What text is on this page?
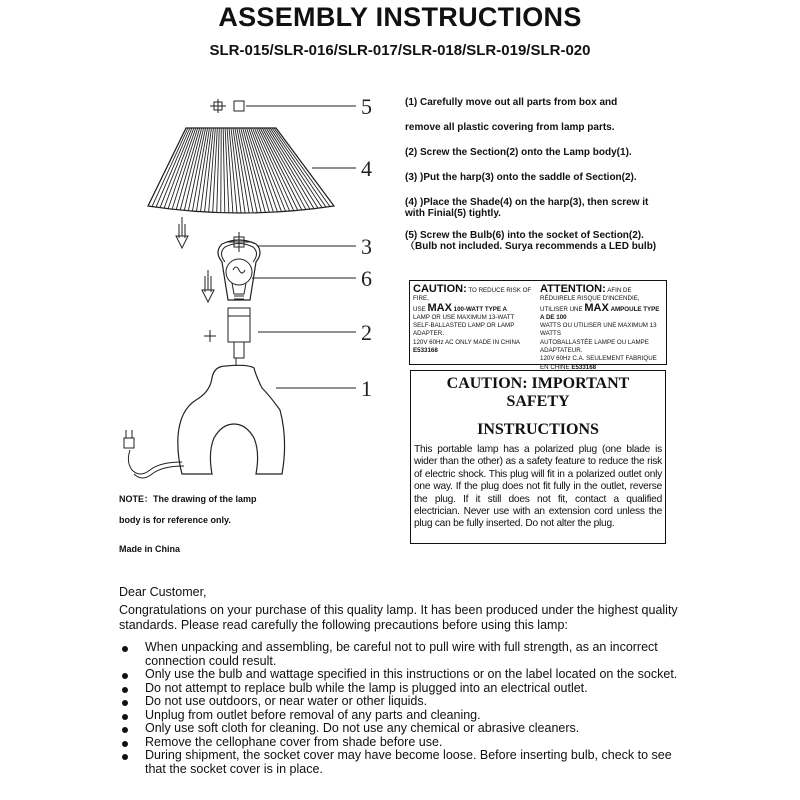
ASSEMBLY INSTRUCTIONS
SLR-015/SLR-016/SLR-017/SLR-018/SLR-019/SLR-020
5
4
3
6
2
1
(1) Carefully move out all parts from box and
remove all plastic covering from lamp parts.
(2) Screw the Section(2) onto the Lamp body(1).
(3) )Put the harp(3) onto the saddle of Section(2).
(4) )Place the Shade(4) on the harp(3), then screw it
with Finial(5) tightly.
(5) Screw the Bulb(6) into the socket of Section(2).
（Bulb not included. Surya recommends a LED bulb)
CAUTION: TO REDUCE RISK OF FIRE,
USE MAX 100-WATT TYPE A
LAMP OR USE MAXIMUM 13-WATT
SELF-BALLASTED LAMP OR LAMP ADAPTER.
120V 60Hz AC ONLY MADE IN CHINA E533168
ATTENTION: AFIN DE RÉDUIRELE RISQUE D'INCENDIE,
UTILISER UNE MAX AMPOULE TYPE A DE 100
WATTS OU UTILISER UNE MAXIMUM 13 WATTS
AUTOBALLASTÉE LAMPE OU LAMPE ADAPTATEUR.
120V 60Hz C.A. SEULEMENT FABRIQUE EN CHINE E533168
CAUTION: IMPORTANT SAFETY
INSTRUCTIONS
This portable lamp has a polarized plug (one blade is wider than the other) as a safety feature to reduce the risk of electric shock. This plug will fit in a polarized outlet only one way. If the plug does not fit fully in the outlet, reverse the plug. If it still does not fit, contact a qualified electrician. Never use with an extension cord unless the plug can be fully inserted. Do not alter the plug.
NOTE：The drawing of the lamp
body is for reference only.
Made in China
Dear Customer,
Congratulations on your purchase of this quality lamp. It has been produced under the highest quality standards. Please read carefully the following precautions before using this lamp:
When unpacking and assembling, be careful not to pull wire with full strength, as an incorrect connection could result.
Only use the bulb and wattage specified in this instructions or on the label located on the socket.
Do not attempt to replace bulb while the lamp is plugged into an electrical outlet.
Do not use outdoors, or near water or other liquids.
Unplug from outlet before removal of any parts and cleaning.
Only use soft cloth for cleaning. Do not use any chemical or abrasive cleaners.
Remove the cellophane cover from shade before use.
During shipment, the socket cover may have become loose. Before inserting bulb, check to see that the socket cover is in place.
